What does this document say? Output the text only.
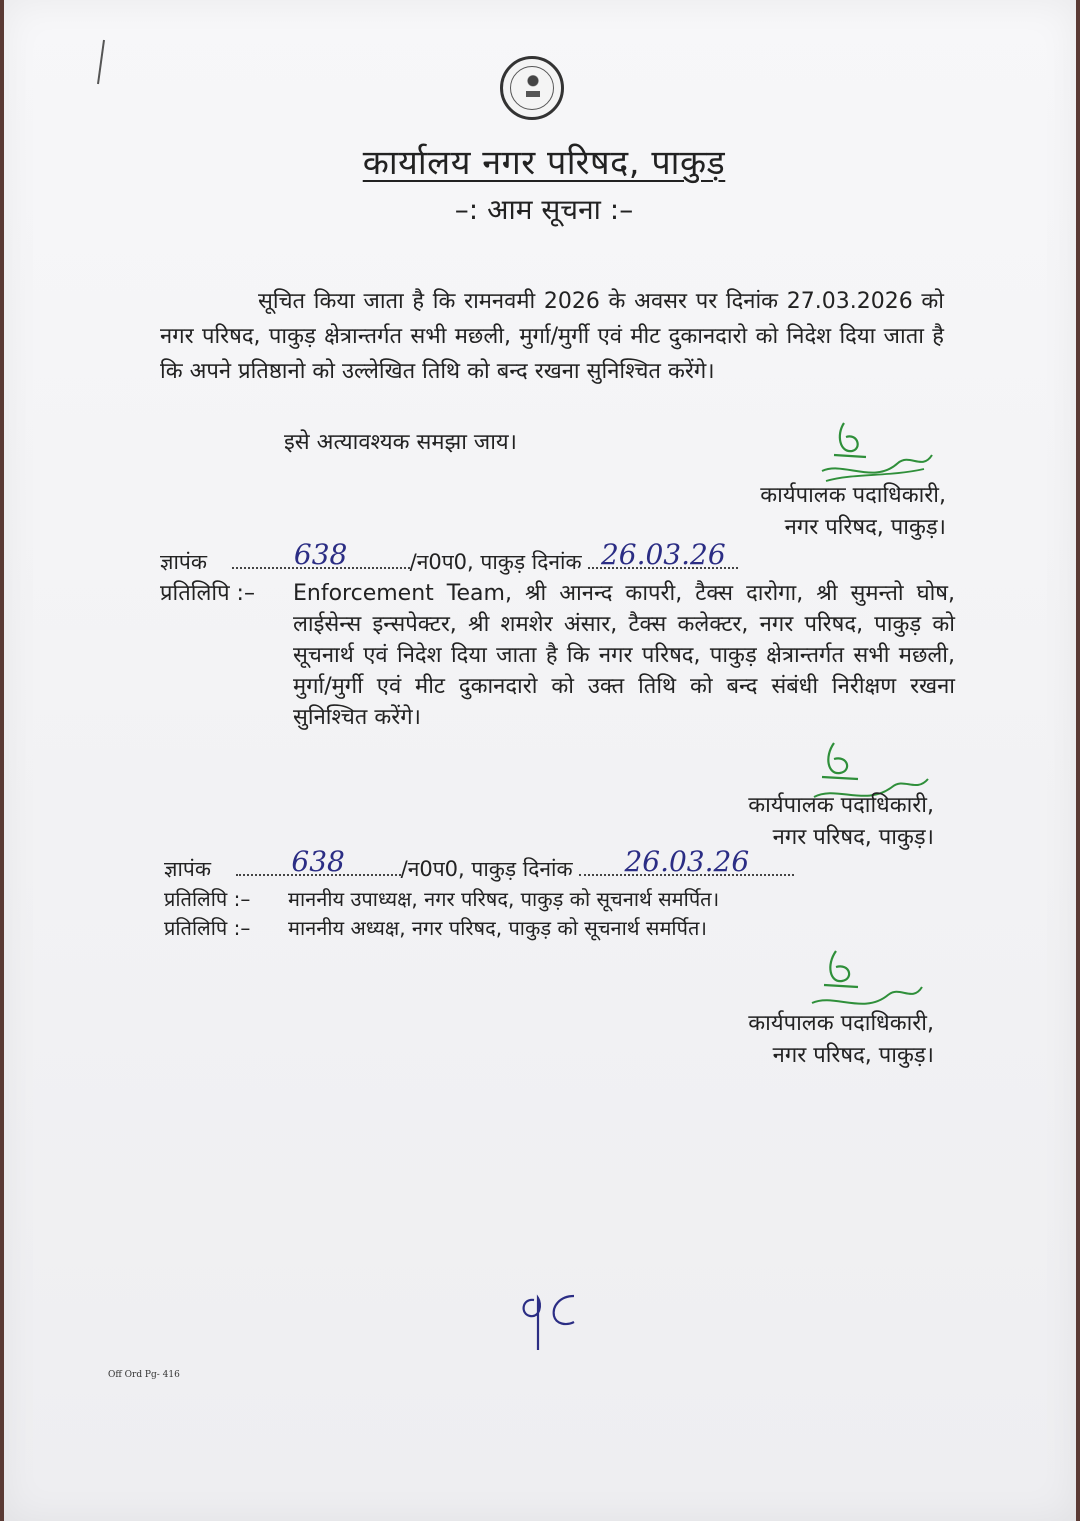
कार्यालय नगर परिषद, पाकुड़
–: आम सूचना :–
सूचित किया जाता है कि रामनवमी 2026 के अवसर पर दिनांक 27.03.2026 को नगर परिषद, पाकुड़ क्षेत्रान्तर्गत सभी मछली, मुर्गा/मुर्गी एवं मीट दुकानदारो को निदेश दिया जाता है कि अपने प्रतिष्ठानो को उल्लेखित तिथि को बन्द रखना सुनिश्चित करेंगे।
इसे अत्यावश्यक समझा जाय।
कार्यपालक पदाधिकारी,
नगर परिषद, पाकुड़।
ज्ञापंक	638	/न0प0, पाकुड़ दिनांक 26.03.26
प्रतिलिपि :– Enforcement Team, श्री आनन्द कापरी, टैक्स दारोगा, श्री सुमन्तो घोष, लाईसेन्स इन्सपेक्टर, श्री शमशेर अंसार, टैक्स कलेक्टर, नगर परिषद, पाकुड़ को सूचनार्थ एवं निदेश दिया जाता है कि नगर परिषद, पाकुड़ क्षेत्रान्तर्गत सभी मछली, मुर्गा/मुर्गी एवं मीट दुकानदारो को उक्त तिथि को बन्द संबंधी निरीक्षण रखना सुनिश्चित करेंगे।
कार्यपालक पदाधिकारी,
नगर परिषद, पाकुड़।
ज्ञापंक	638	/न0प0, पाकुड़ दिनांक	26.03.26
प्रतिलिपि :– माननीय उपाध्यक्ष, नगर परिषद, पाकुड़ को सूचनार्थ समर्पित।
प्रतिलिपि :– माननीय अध्यक्ष, नगर परिषद, पाकुड़ को सूचनार्थ समर्पित।
कार्यपालक पदाधिकारी,
नगर परिषद, पाकुड़।
Off Ord Pg- 416
